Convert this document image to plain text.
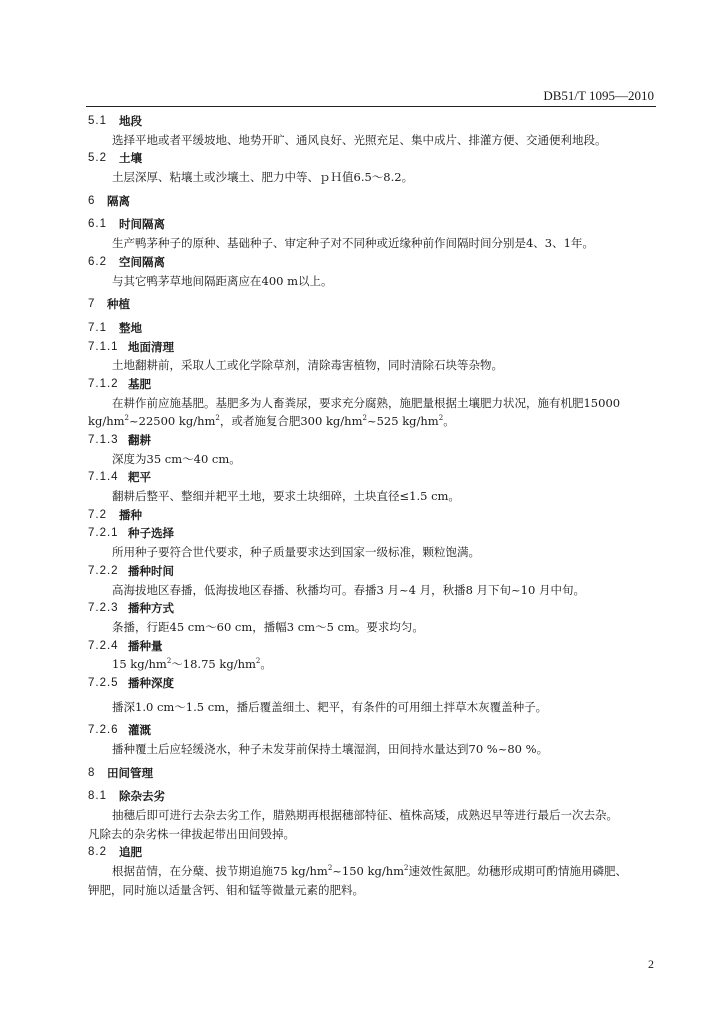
DB51/T 1095—2010
5.1 地段
选择平地或者平缓坡地、地势开旷、通风良好、光照充足、集中成片、排灌方便、交通便利地段。
5.2 土壤
土层深厚、粘壤土或沙壤土、肥力中等、ｐＨ值6.5～8.2。
6 隔离
6.1 时间隔离
生产鸭茅种子的原种、基础种子、审定种子对不同种或近缘种前作间隔时间分别是4、3、1年。
6.2 空间隔离
与其它鸭茅草地间隔距离应在400 m以上。
7 种植
7.1 整地
7.1.1 地面清理
土地翻耕前，采取人工或化学除草剂，清除毒害植物，同时清除石块等杂物。
7.1.2 基肥
在耕作前应施基肥。基肥多为人畜粪尿，要求充分腐熟，施肥量根据土壤肥力状况，施有机肥15000
$kg/hm^2\sim 22500$ $kg/hm^2$，或者施复合肥300 $kg/hm^2\sim 525$ $kg/hm^2$。
7.1.3 翻耕
深度为35 cm～40 cm。
7.1.4 耙平
翻耕后整平、整细并耙平土地，要求土块细碎，土块直径≤1.5 cm。
7.2 播种
7.2.1 种子选择
所用种子要符合世代要求，种子质量要求达到国家一级标准，颗粒饱满。
7.2.2 播种时间
高海拔地区春播，低海拔地区春播、秋播均可。春播3 月~4 月，秋播8 月下旬~10 月中旬。
7.2.3 播种方式
条播，行距45 cm～60 cm，播幅3 cm～5 cm。要求均匀。
7.2.4 播种量
15 $kg/hm^2\sim 18.75$ $kg/hm^2$。
7.2.5 播种深度
播深1.0 cm～1.5 cm，播后覆盖细土、耙平，有条件的可用细土拌草木灰覆盖种子。
7.2.6 灌溉
播种覆土后应轻缓浇水，种子未发芽前保持土壤湿润，田间持水量达到70 %~80 %。
8 田间管理
8.1 除杂去劣
抽穗后即可进行去杂去劣工作，腊熟期再根据穗部特征、植株高矮，成熟迟早等进行最后一次去杂。
凡除去的杂劣株一律拔起带出田间毁掉。
8.2 追肥
根据苗情，在分蘖、拔节期追施75 $kg/hm^2\sim 150$ $kg/hm^2$速效性氮肥。幼穗形成期可酌情施用磷肥、
钾肥，同时施以适量含钙、钼和锰等微量元素的肥料。
2
